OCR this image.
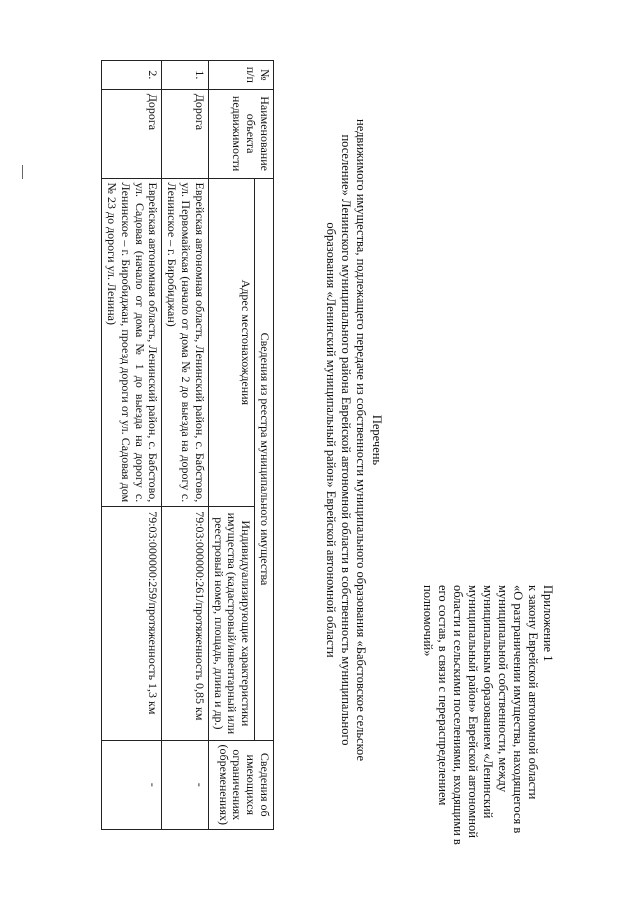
Приложение 1
к закону Еврейской автономной области
«О разграничении имущества, находящегося в
муниципальной собственности, между
муниципальным образованием «Ленинский
муниципальный район» Еврейской автономной
области и сельскими поселениями, входящими в
его состав, в связи с перераспределением
полномочий»
Перечень
недвижимого имущества, подлежащего передаче из собственности муниципального образования «Бабстовское сельское
поселение» Ленинского муниципального района Еврейской автономной области в собственность муниципального
образования «Ленинский муниципальный район» Еврейской автономной области
№ п/п	Наименование объекта недвижимости	Сведения из реестра муниципального имущества		Сведения об имеющихся ограничениях (обременениях)
		Адрес местонахождения	Индивидуализирующие характеристики имущества (кадастровый/инвентарный или реестровый номер, площадь, длина и др.)	
1.	Дорога	Еврейская автономная область, Ленинский район, с. Бабстово, ул. Первомайская (начало от дома № 2 до выезда на дорогу с. Ленинское – г. Биробиджан)	79:03:000000:261/протяженность 0,85 км	-
2.	Дорога	Еврейская автономная область, Ленинский район, с. Бабстово, ул. Садовая (начало от дома № 1 до выезда на дорогу с. Ленинское – г. Биробиджан, проезд дороги от ул. Садовая дом № 23 до дороги ул. Ленина)	79:03:000000:259/протяженность 1,3 км	-
